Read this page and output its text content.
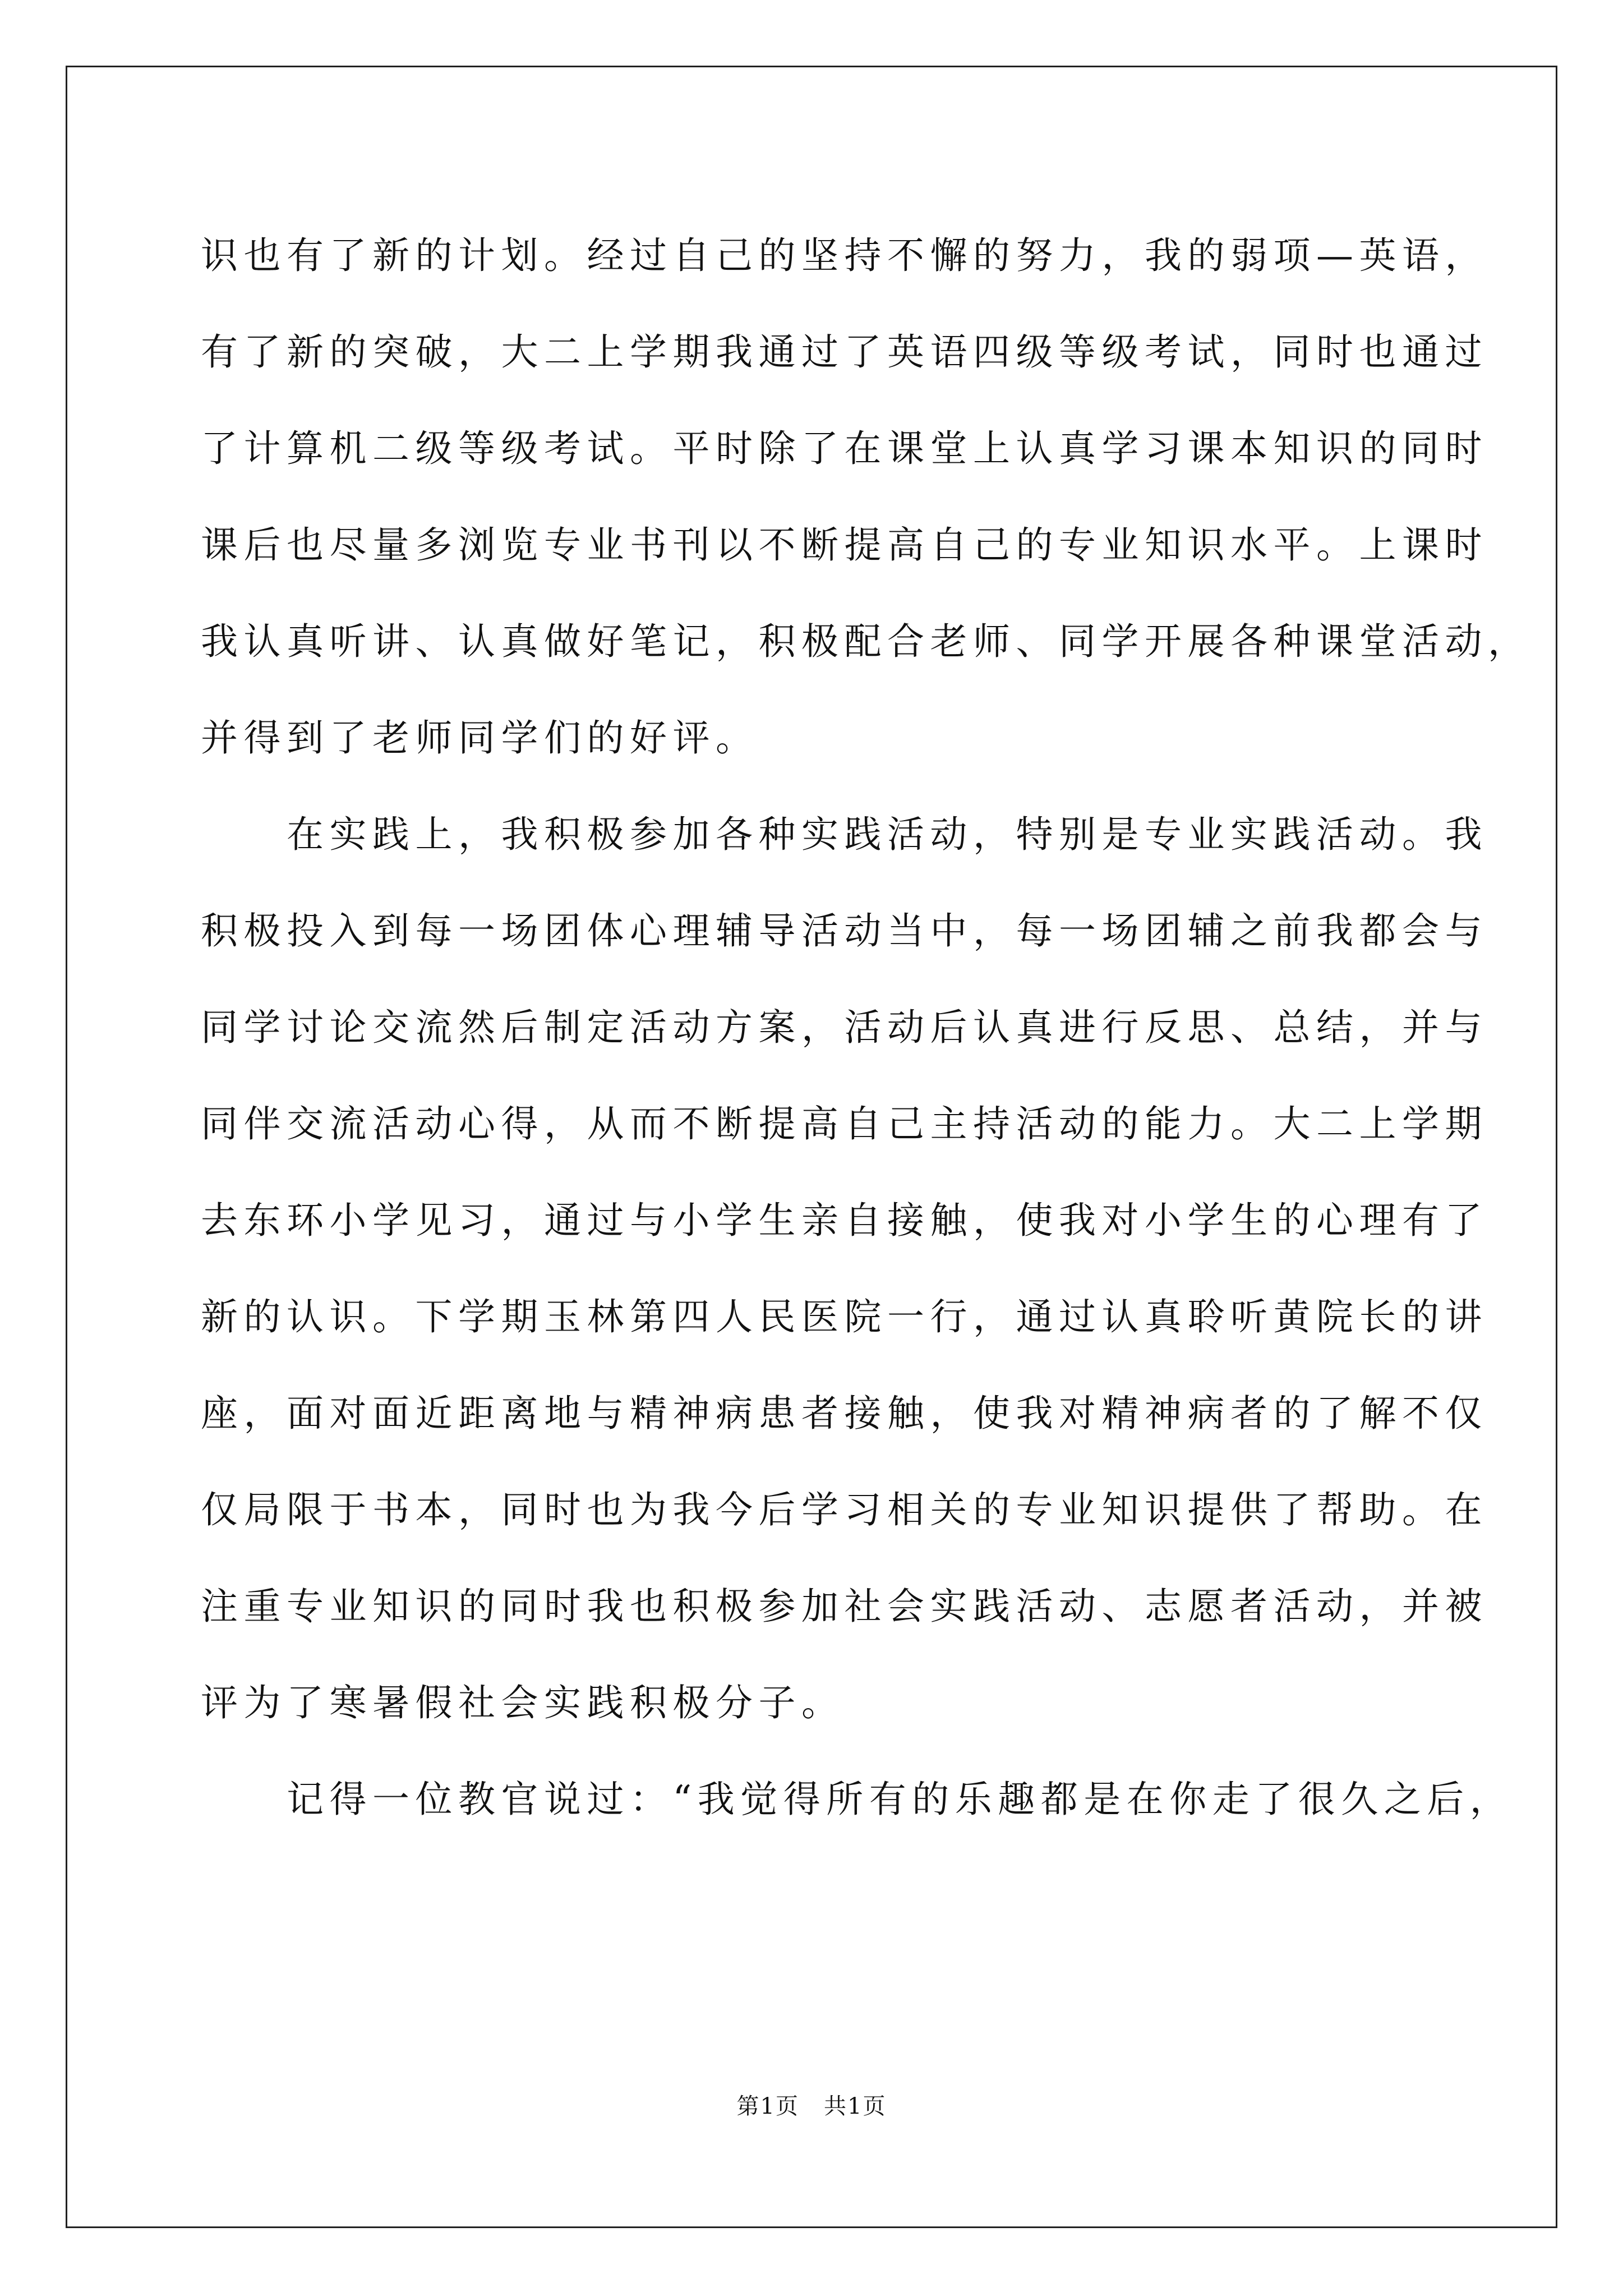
识也有了新的计划。经过自己的坚持不懈的努力，我的弱项—英语，
有了新的突破，大二上学期我通过了英语四级等级考试，同时也通过
了计算机二级等级考试。平时除了在课堂上认真学习课本知识的同时
课后也尽量多浏览专业书刊以不断提高自己的专业知识水平。上课时
我认真听讲、认真做好笔记，积极配合老师、同学开展各种课堂活动，
并得到了老师同学们的好评。
　　在实践上，我积极参加各种实践活动，特别是专业实践活动。我
积极投入到每一场团体心理辅导活动当中，每一场团辅之前我都会与
同学讨论交流然后制定活动方案，活动后认真进行反思、总结，并与
同伴交流活动心得，从而不断提高自己主持活动的能力。大二上学期
去东环小学见习，通过与小学生亲自接触，使我对小学生的心理有了
新的认识。下学期玉林第四人民医院一行，通过认真聆听黄院长的讲
座，面对面近距离地与精神病患者接触，使我对精神病者的了解不仅
仅局限于书本，同时也为我今后学习相关的专业知识提供了帮助。在
注重专业知识的同时我也积极参加社会实践活动、志愿者活动，并被
评为了寒暑假社会实践积极分子。
　　记得一位教官说过：“我觉得所有的乐趣都是在你走了很久之后，
第1页 共1页
